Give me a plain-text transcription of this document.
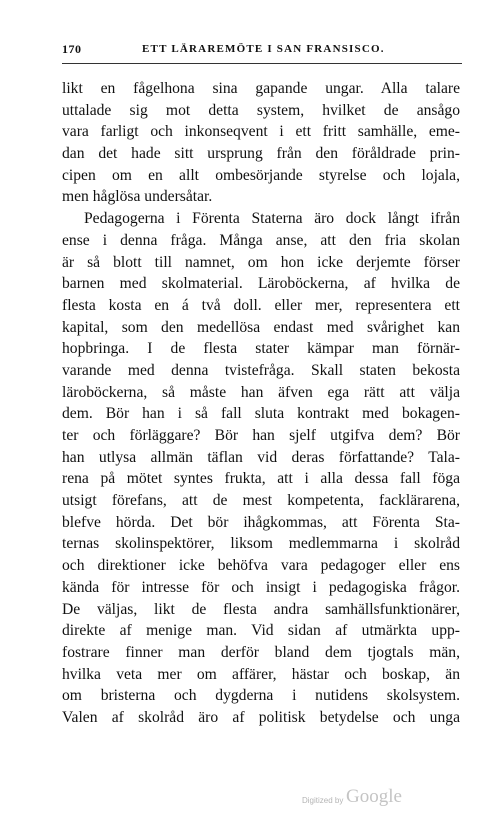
170	ETT LÄRAREMÖTE I SAN FRANSISCO.
likt en fågelhona sina gapande ungar. Alla talare
uttalade sig mot detta system, hvilket de ansågo
vara farligt och inkonseqvent i ett fritt samhälle, eme-
dan det hade sitt ursprung från den föråldrade prin-
cipen om en allt ombesörjande styrelse och lojala,
men håglösa undersåtar.
Pedagogerna i Förenta Staterna äro dock långt ifrån
ense i denna fråga. Många anse, att den fria skolan
är så blott till namnet, om hon icke derjemte förser
barnen med skolmaterial. Läroböckerna, af hvilka de
flesta kosta en á två doll. eller mer, representera ett
kapital, som den medellösa endast med svårighet kan
hopbringa. I de flesta stater kämpar man förnär-
varande med denna tvistefråga. Skall staten bekosta
läroböckerna, så måste han äfven ega rätt att välja
dem. Bör han i så fall sluta kontrakt med bokagen-
ter och förläggare? Bör han sjelf utgifva dem? Bör
han utlysa allmän täflan vid deras författande? Tala-
rena på mötet syntes frukta, att i alla dessa fall föga
utsigt förefans, att de mest kompetenta, facklärarena,
blefve hörda. Det bör ihågkommas, att Förenta Sta-
ternas skolinspektörer, liksom medlemmarna i skolråd
och direktioner icke behöfva vara pedagoger eller ens
kända för intresse för och insigt i pedagogiska frågor.
De väljas, likt de flesta andra samhällsfunktionärer,
direkte af menige man. Vid sidan af utmärkta upp-
fostrare finner man derför bland dem tjogtals män,
hvilka veta mer om affärer, hästar och boskap, än
om bristerna och dygderna i nutidens skolsystem.
Valen af skolråd äro af politisk betydelse och unga
Digitized by Google
